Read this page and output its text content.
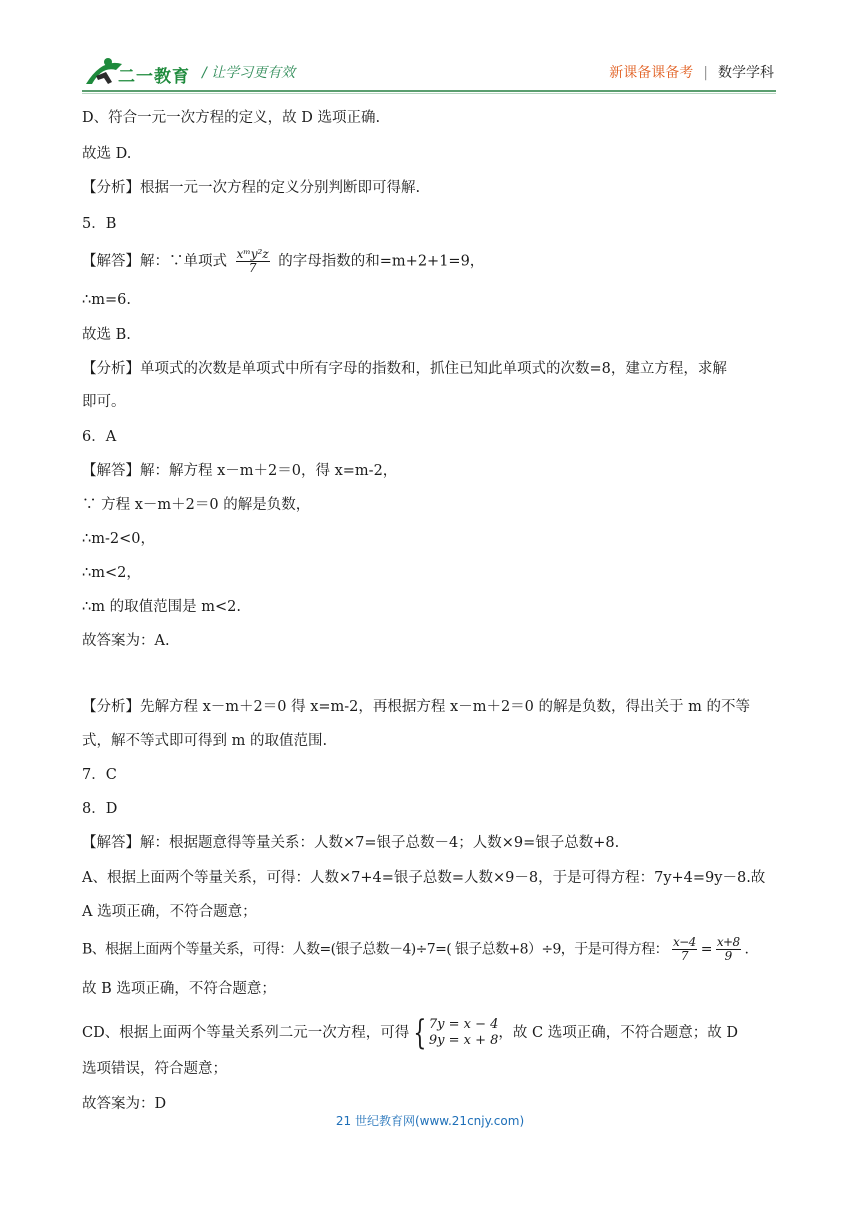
二一教育 / 让学习更有效	新课备课备考 | 数学学科
D、符合一元一次方程的定义，故 D 选项正确.
故选 D.
【分析】根据一元一次方程的定义分别判断即可得解.
5．B
【解答】解：∵单项式 $\frac{\text{xᵐy²z}}{7}$ 的字母指数的和=m+2+1=9，
∴m=6.
故选 B.
【分析】单项式的次数是单项式中所有字母的指数和，抓住已知此单项式的次数=8，建立方程，求解
即可。
6．A
【解答】解：解方程 x－m＋2＝0，得 x=m-2，
∵ 方程 x－m＋2＝0 的解是负数，
∴m-2<0，
∴m<2，
∴m 的取值范围是 m<2.
故答案为：A.
【分析】先解方程 x－m＋2＝0 得 x=m-2，再根据方程 x－m＋2＝0 的解是负数，得出关于 m 的不等
式，解不等式即可得到 m 的取值范围.
7．C
8．D
【解答】解：根据题意得等量关系：人数×7=银子总数－4；人数×9=银子总数+8.
A、根据上面两个等量关系，可得：人数×7+4=银子总数=人数×9－8，于是可得方程：7y+4=9y－8.故
A 选项正确，不符合题意；
B、根据上面两个等量关系，可得：人数=(银子总数－4)÷7=( 银子总数+8）÷9，于是可得方程： $\frac{x-4}{7} = \frac{x+8}{9}$ .
故 B 选项正确，不符合题意；
CD、根据上面两个等量关系列二元一次方程，可得 { 7y = x − 4
9y = x + 8 ，故 C 选项正确，不符合题意；故 D
选项错误，符合题意；
故答案为：D
21 世纪教育网(www.21cnjy.com)
